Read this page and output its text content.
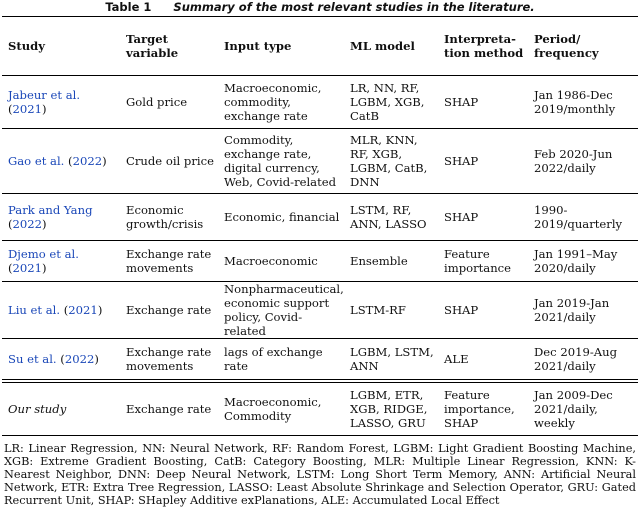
Table 1 Summary of the most relevant studies in the literature.
Study	Target variable	Input type	ML model	Interpreta- tion method	Period/ frequency
Jabeur et al. (2021)	Gold price	Macroeconomic, commodity, exchange rate	LR, NN, RF, LGBM, XGB, CatB	SHAP	Jan 1986-Dec 2019/monthly
Gao et al. (2022)	Crude oil price	Commodity, exchange rate, digital currency, Web, Covid-related	MLR, KNN, RF, XGB, LGBM, CatB, DNN	SHAP	Feb 2020-Jun 2022/daily
Park and Yang (2022)	Economic growth/crisis	Economic, financial	LSTM, RF, ANN, LASSO	SHAP	1990- 2019/quarterly
Djemo et al. (2021)	Exchange rate movements	Macroeconomic	Ensemble	Feature importance	Jan 1991–May 2020/daily
Liu et al. (2021)	Exchange rate	Nonpharmaceutical, economic support policy, Covid-related	LSTM-RF	SHAP	Jan 2019-Jan 2021/daily
Su et al. (2022)	Exchange rate movements	lags of exchange rate	LGBM, LSTM, ANN	ALE	Dec 2019-Aug 2021/daily

Our study	Exchange rate	Macroeconomic, Commodity	LGBM, ETR, XGB, RIDGE, LASSO, GRU	Feature importance, SHAP	Jan 2009-Dec 2021/daily, weekly
LR: Linear Regression, NN: Neural Network, RF: Random Forest, LGBM: Light Gradient Boosting Machine, XGB: Extreme Gradient Boosting, CatB: Category Boosting, MLR: Multiple Linear Regression, KNN: K-Nearest Neighbor, DNN: Deep Neural Network, LSTM: Long Short Term Memory, ANN: Artificial Neural Network, ETR: Extra Tree Regression, LASSO: Least Absolute Shrinkage and Selection Operator, GRU: Gated Recurrent Unit, SHAP: SHapley Additive exPlanations, ALE: Accumulated Local Effect
